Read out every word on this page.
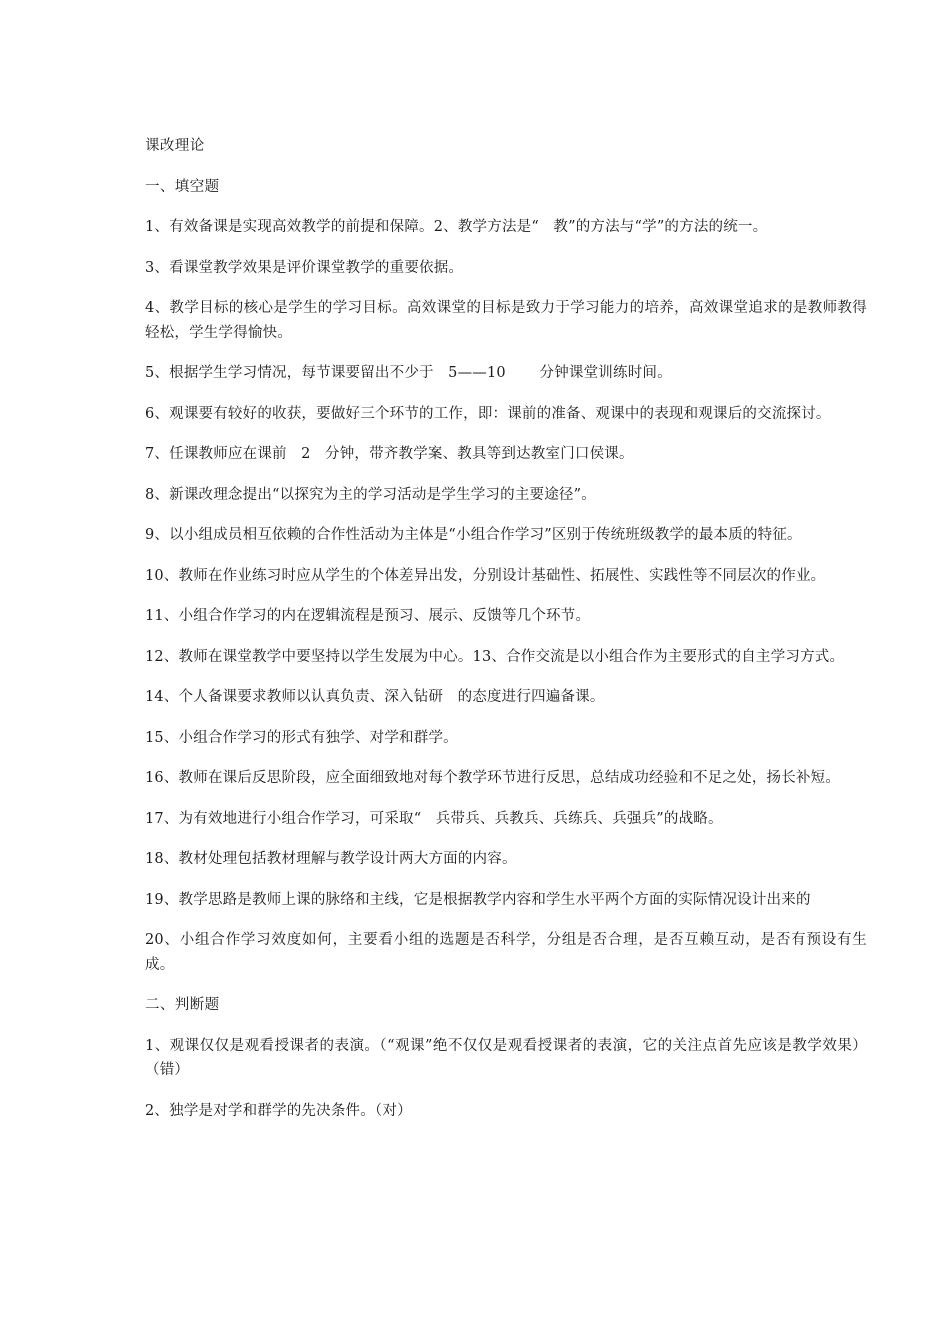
课改理论

一、填空题

1、有效备课是实现高效教学的前提和保障。2、教学方法是“   教”的方法与“学”的方法的统一。

3、看课堂教学效果是评价课堂教学的重要依据。

4、教学目标的核心是学生的学习目标。高效课堂的目标是致力于学习能力的培养，高效课堂追求的是教师教得轻松，学生学得愉快。

5、根据学生学习情况，每节课要留出不少于   5——10       分钟课堂训练时间。

6、观课要有较好的收获，要做好三个环节的工作，即：课前的准备、观课中的表现和观课后的交流探讨。

7、任课教师应在课前   2   分钟，带齐教学案、教具等到达教室门口侯课。

8、新课改理念提出“以探究为主的学习活动是学生学习的主要途径”。

9、以小组成员相互依赖的合作性活动为主体是“小组合作学习”区别于传统班级教学的最本质的特征。

10、教师在作业练习时应从学生的个体差异出发，分别设计基础性、拓展性、实践性等不同层次的作业。

11、小组合作学习的内在逻辑流程是预习、展示、反馈等几个环节。

12、教师在课堂教学中要坚持以学生发展为中心。13、合作交流是以小组合作为主要形式的自主学习方式。

14、个人备课要求教师以认真负责、深入钻研   的态度进行四遍备课。

15、小组合作学习的形式有独学、对学和群学。

16、教师在课后反思阶段，应全面细致地对每个教学环节进行反思，总结成功经验和不足之处，扬长补短。

17、为有效地进行小组合作学习，可采取“   兵带兵、兵教兵、兵练兵、兵强兵”的战略。

18、教材处理包括教材理解与教学设计两大方面的内容。

19、教学思路是教师上课的脉络和主线，它是根据教学内容和学生水平两个方面的实际情况设计出来的

20、小组合作学习效度如何，主要看小组的选题是否科学，分组是否合理，是否互赖互动，是否有预设有生成。

二、判断题

1、观课仅仅是观看授课者的表演。（“观课”绝不仅仅是观看授课者的表演，它的关注点首先应该是教学效果）（错）

2、独学是对学和群学的先决条件。（对）
